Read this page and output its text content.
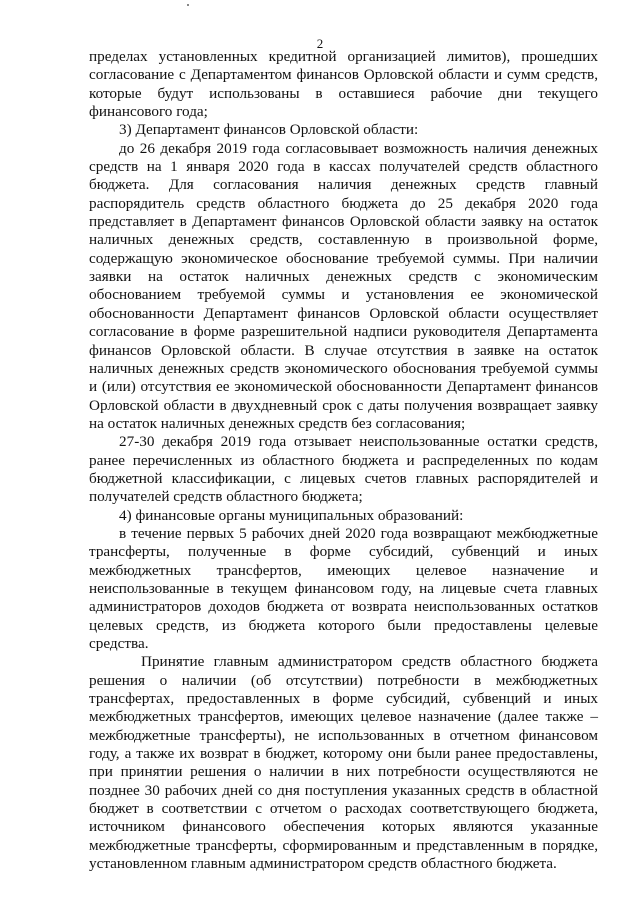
2

пределах установленных кредитной организацией лимитов), прошедших согласование с Департаментом финансов Орловской области и сумм средств, которые будут использованы в оставшиеся рабочие дни текущего финансового года;

3) Департамент финансов Орловской области:

до 26 декабря 2019 года согласовывает возможность наличия денежных средств на 1 января 2020 года в кассах получателей средств областного бюджета. Для согласования наличия денежных средств главный распорядитель средств областного бюджета до 25 декабря 2020 года представляет в Департамент финансов Орловской области заявку на остаток наличных денежных средств, составленную в произвольной форме, содержащую экономическое обоснование требуемой суммы. При наличии заявки на остаток наличных денежных средств с экономическим обоснованием требуемой суммы и установления ее экономической обоснованности Департамент финансов Орловской области осуществляет согласование в форме разрешительной надписи руководителя Департамента финансов Орловской области. В случае отсутствия в заявке на остаток наличных денежных средств экономического обоснования требуемой суммы и (или) отсутствия ее экономической обоснованности Департамент финансов Орловской области в двухдневный срок с даты получения возвращает заявку на остаток наличных денежных средств без согласования;

27-30 декабря 2019 года отзывает неиспользованные остатки средств, ранее перечисленных из областного бюджета и распределенных по кодам бюджетной классификации, с лицевых счетов главных распорядителей и получателей средств областного бюджета;

4) финансовые органы муниципальных образований:

в течение первых 5 рабочих дней 2020 года возвращают межбюджетные трансферты, полученные в форме субсидий, субвенций и иных межбюджетных трансфертов, имеющих целевое назначение и неиспользованные в текущем финансовом году, на лицевые счета главных администраторов доходов бюджета от возврата неиспользованных остатков целевых средств, из бюджета которого были предоставлены целевые средства.

Принятие главным администратором средств областного бюджета решения о наличии (об отсутствии) потребности в межбюджетных трансфертах, предоставленных в форме субсидий, субвенций и иных межбюджетных трансфертов, имеющих целевое назначение (далее также – межбюджетные трансферты), не использованных в отчетном финансовом году, а также их возврат в бюджет, которому они были ранее предоставлены, при принятии решения о наличии в них потребности осуществляются не позднее 30 рабочих дней со дня поступления указанных средств в областной бюджет в соответствии с отчетом о расходах соответствующего бюджета, источником финансового обеспечения которых являются указанные межбюджетные трансферты, сформированным и представленным в порядке, установленном главным администратором средств областного бюджета.
